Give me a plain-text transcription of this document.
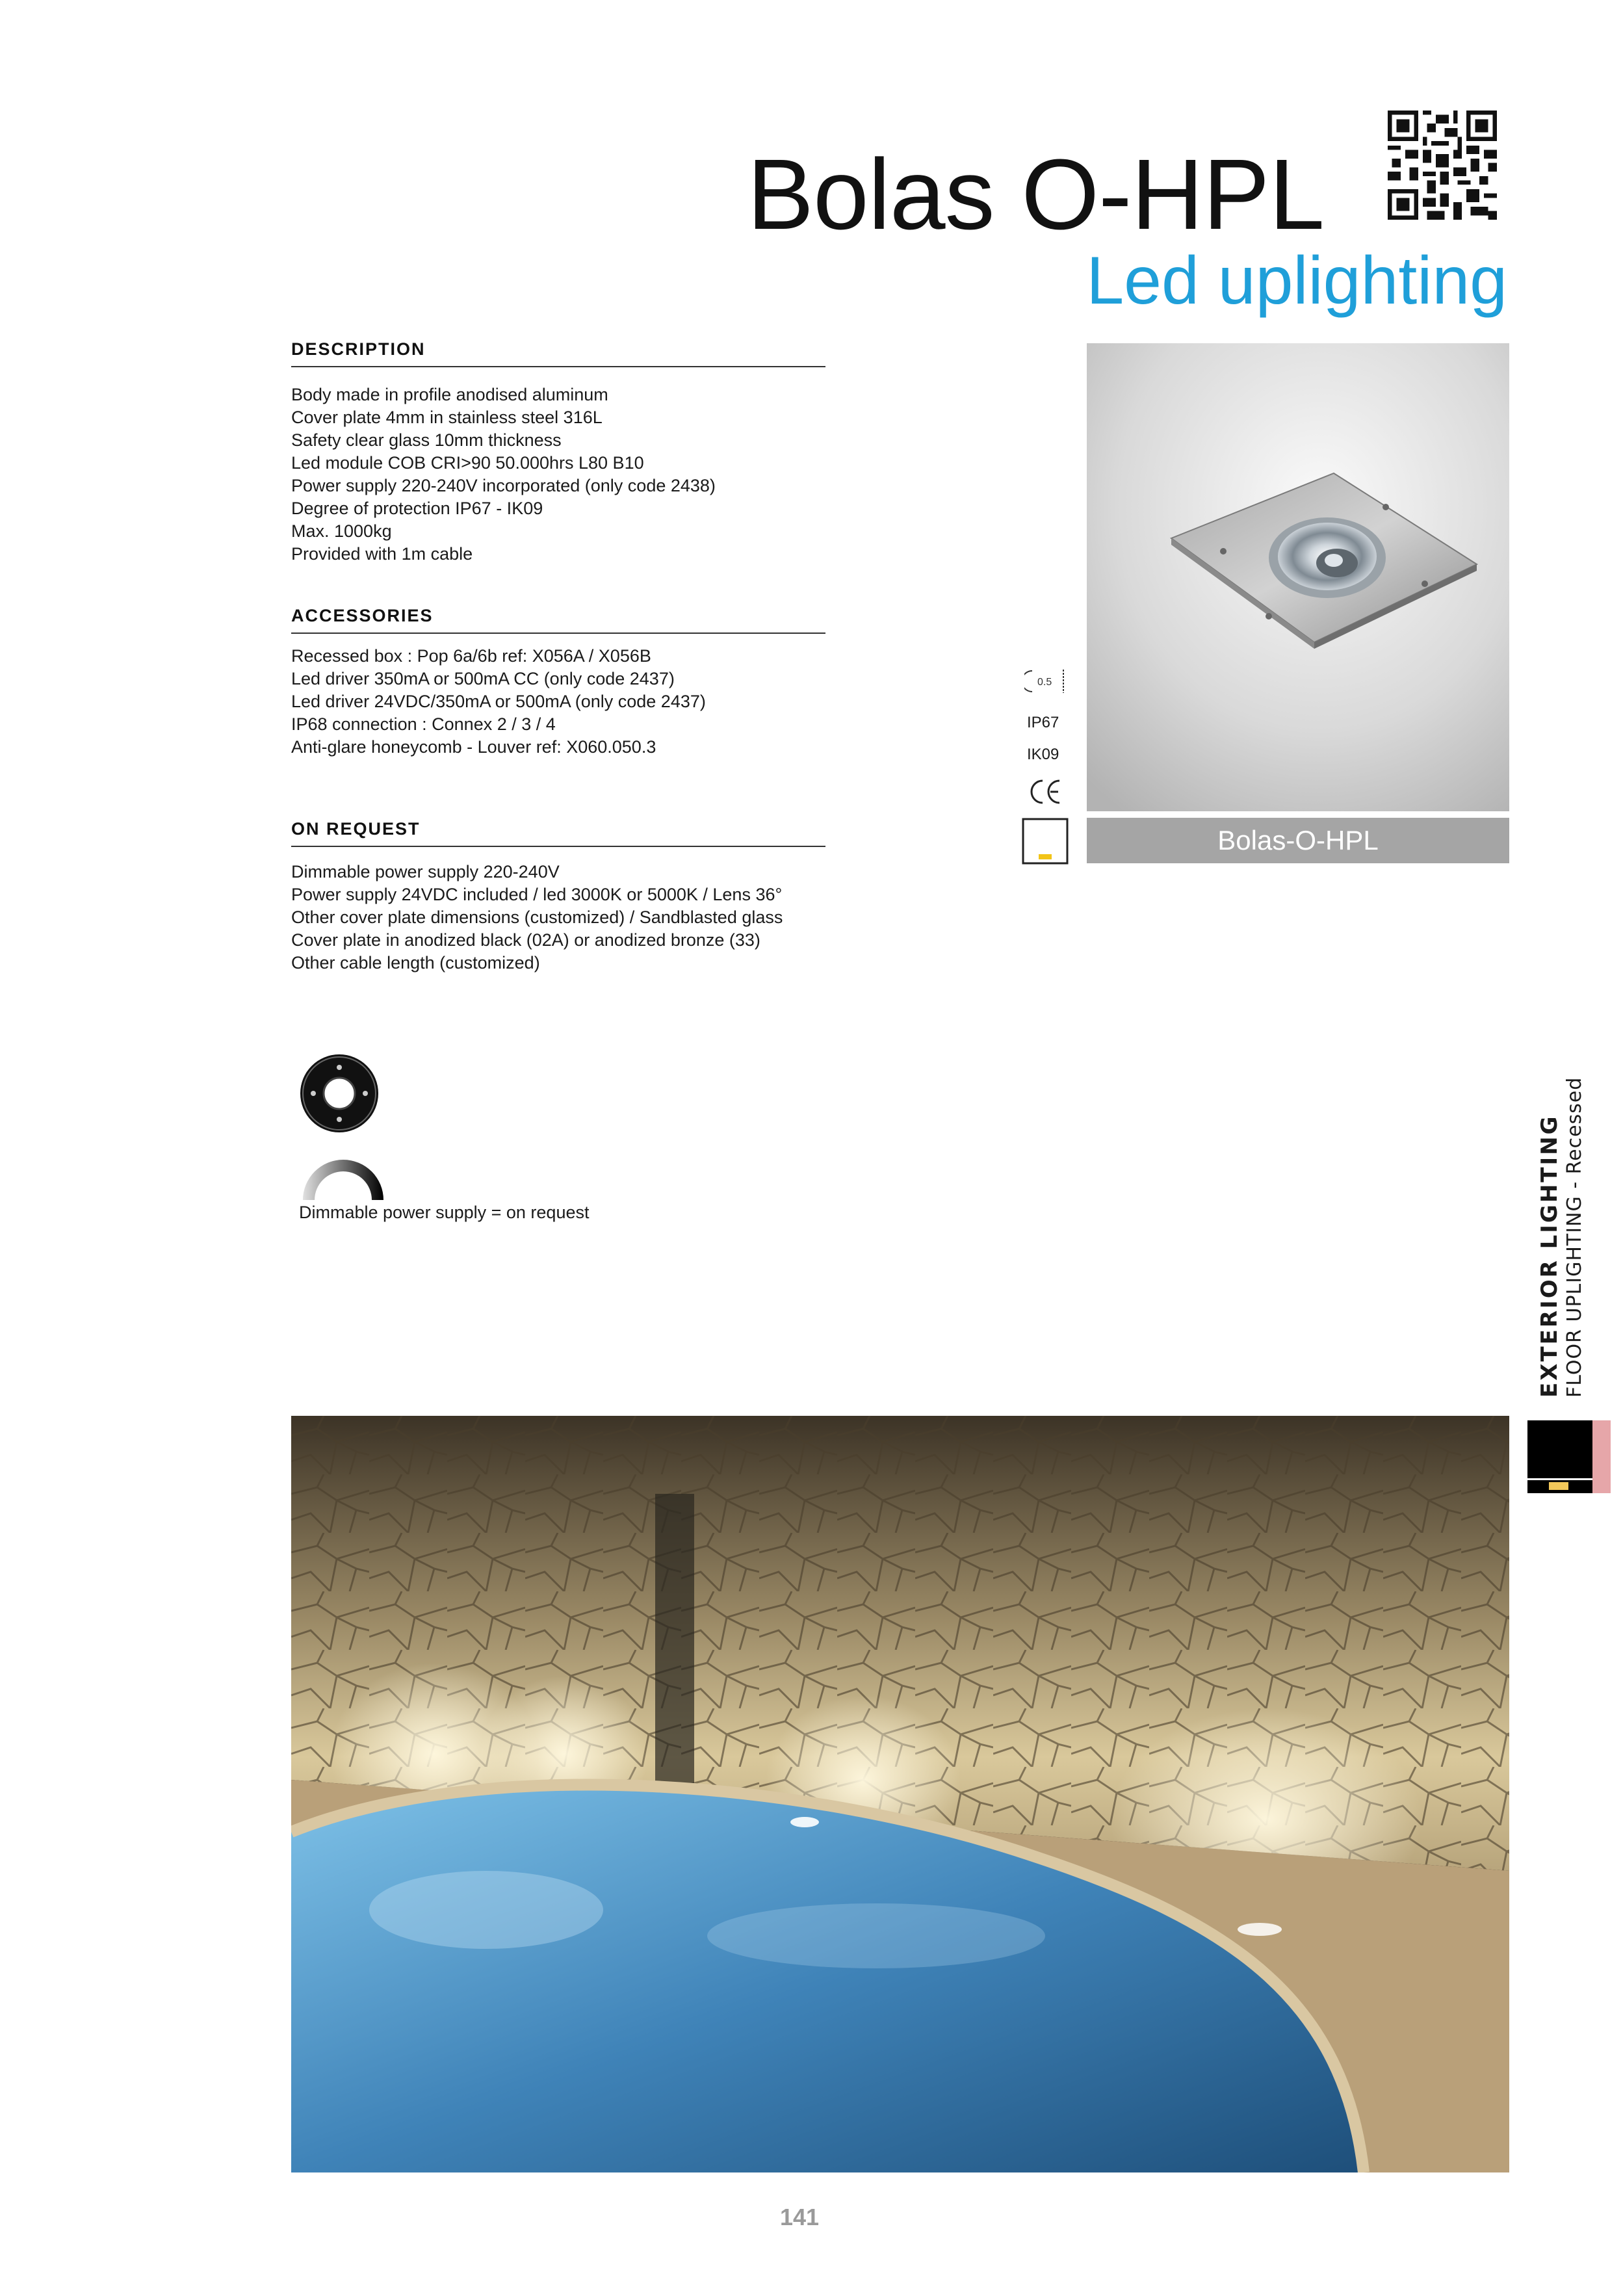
Bolas O-HPL
Led uplighting
DESCRIPTION
Body made in profile anodised aluminum
Cover plate 4mm in stainless steel 316L
Safety clear glass 10mm thickness
Led module COB CRI>90 50.000hrs L80 B10
Power supply 220-240V incorporated (only code 2438)
Degree of protection IP67 - IK09
Max. 1000kg
Provided with 1m cable
ACCESSORIES
Recessed box : Pop 6a/6b ref: X056A / X056B
Led driver 350mA or 500mA CC (only code 2437)
Led driver 24VDC/350mA or 500mA (only code 2437)
IP68 connection : Connex 2 / 3 / 4
Anti-glare honeycomb - Louver ref: X060.050.3
ON REQUEST
Dimmable power supply 220-240V
Power supply 24VDC included / led 3000K or 5000K / Lens 36°
Other cover plate dimensions (customized) / Sandblasted glass
Cover plate in anodized black (02A) or anodized bronze (33)
Other cable length (customized)
Bolas-O-HPL
0.5
IP67
IK09
Dimmable power supply = on request	EXTERIOR LIGHTING FLOOR UPLIGHTING - Recessed
141
